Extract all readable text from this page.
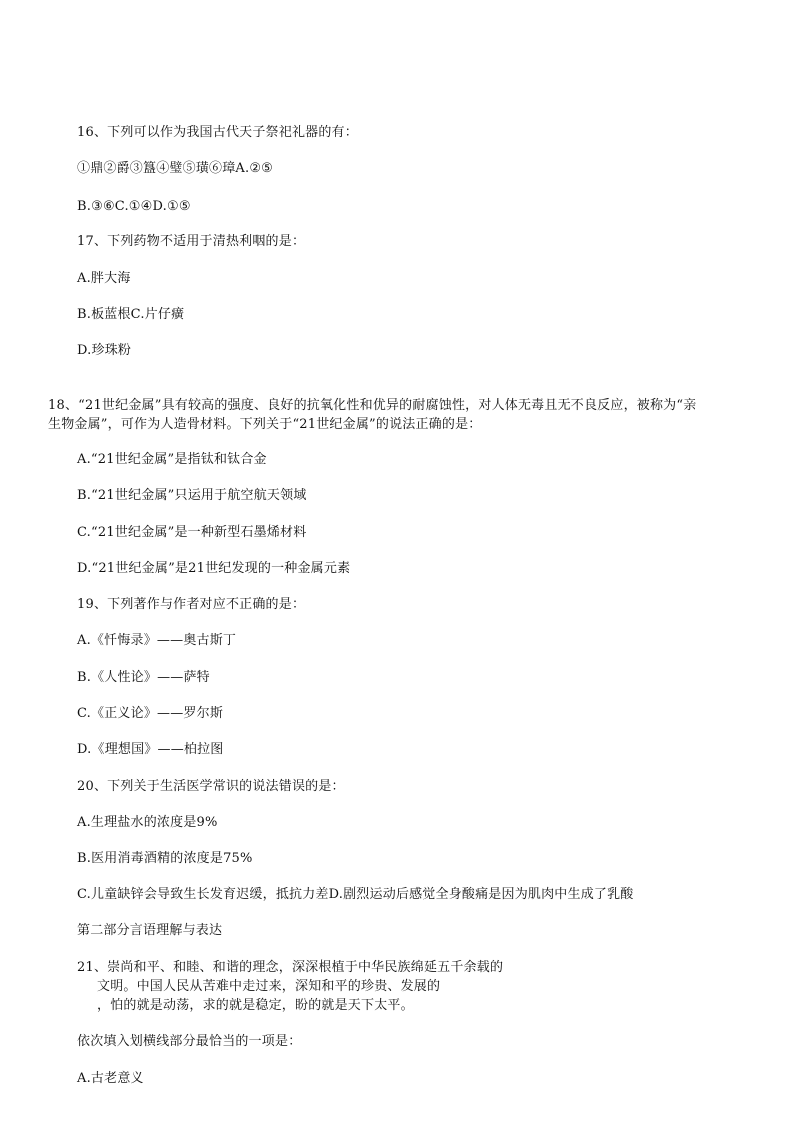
16、下列可以作为我国古代天子祭祀礼器的有：

①鼎②爵③簋④璧⑤璜⑥璋A.②⑤

B.③⑥C.①④D.①⑤

17、下列药物不适用于清热利咽的是：

A.胖大海

B.板蓝根C.片仔癀

D.珍珠粉

18、“21世纪金属”具有较高的强度、良好的抗氧化性和优异的耐腐蚀性，对人体无毒且无不良反应，被称为“亲

生物金属”，可作为人造骨材料。下列关于“21世纪金属”的说法正确的是：

A.“21世纪金属”是指钛和钛合金

B.“21世纪金属”只运用于航空航天领域

C.“21世纪金属”是一种新型石墨烯材料

D.“21世纪金属”是21世纪发现的一种金属元素

19、下列著作与作者对应不正确的是：

A.《忏悔录》——奥古斯丁

B.《人性论》——萨特

C.《正义论》——罗尔斯

D.《理想国》——柏拉图

20、下列关于生活医学常识的说法错误的是：

A.生理盐水的浓度是9%

B.医用消毒酒精的浓度是75%

C.儿童缺锌会导致生长发育迟缓，抵抗力差D.剧烈运动后感觉全身酸痛是因为肌肉中生成了乳酸

第二部分言语理解与表达

21、崇尚和平、和睦、和谐的理念，深深根植于中华民族绵延五千余载的

文明。中国人民从苦难中走过来，深知和平的珍贵、发展的

，怕的就是动荡，求的就是稳定，盼的就是天下太平。

依次填入划横线部分最恰当的一项是：

A.古老意义
